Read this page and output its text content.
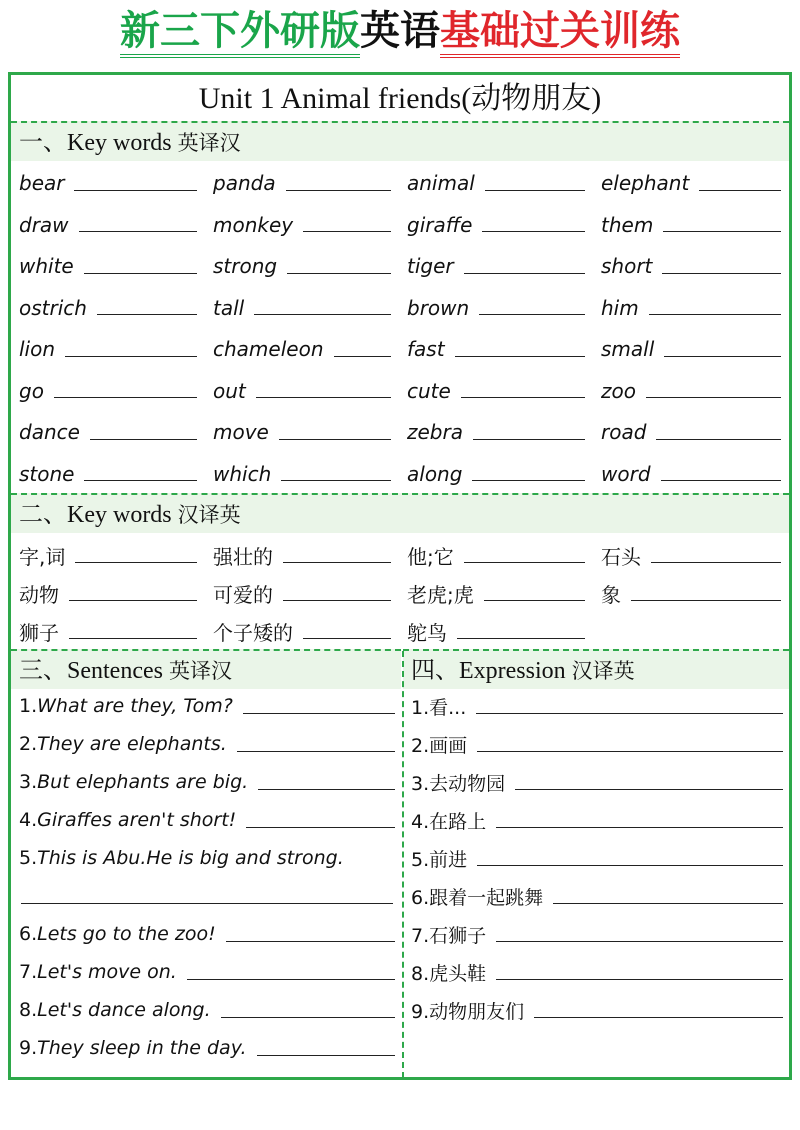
新三下外研版英语基础过关训练
Unit 1 Animal friends(动物朋友)
一、Key words 英译汉
bear	panda	animal	elephant
draw	monkey	giraffe	them
white	strong	tiger	short
ostrich	tall	brown	him
lion	chameleon	fast	small
go	out	cute	zoo
dance	move	zebra	road
stone	which	along	word
二、Key words 汉译英
字,词	强壮的	他;它	石头
动物	可爱的	老虎;虎	象
狮子	个子矮的	鸵鸟
三、Sentences 英译汉	四、Expression 汉译英
1.What are they, Tom?
2.They are elephants.
3.But elephants are big.
4.Giraffes aren't short!
5.This is Abu.He is big and strong.
6.Lets go to the zoo!
7.Let's move on.
8.Let's dance along.
9.They sleep in the day.
1.看...
2.画画
3.去动物园
4.在路上
5.前进
6.跟着一起跳舞
7.石狮子
8.虎头鞋
9.动物朋友们
